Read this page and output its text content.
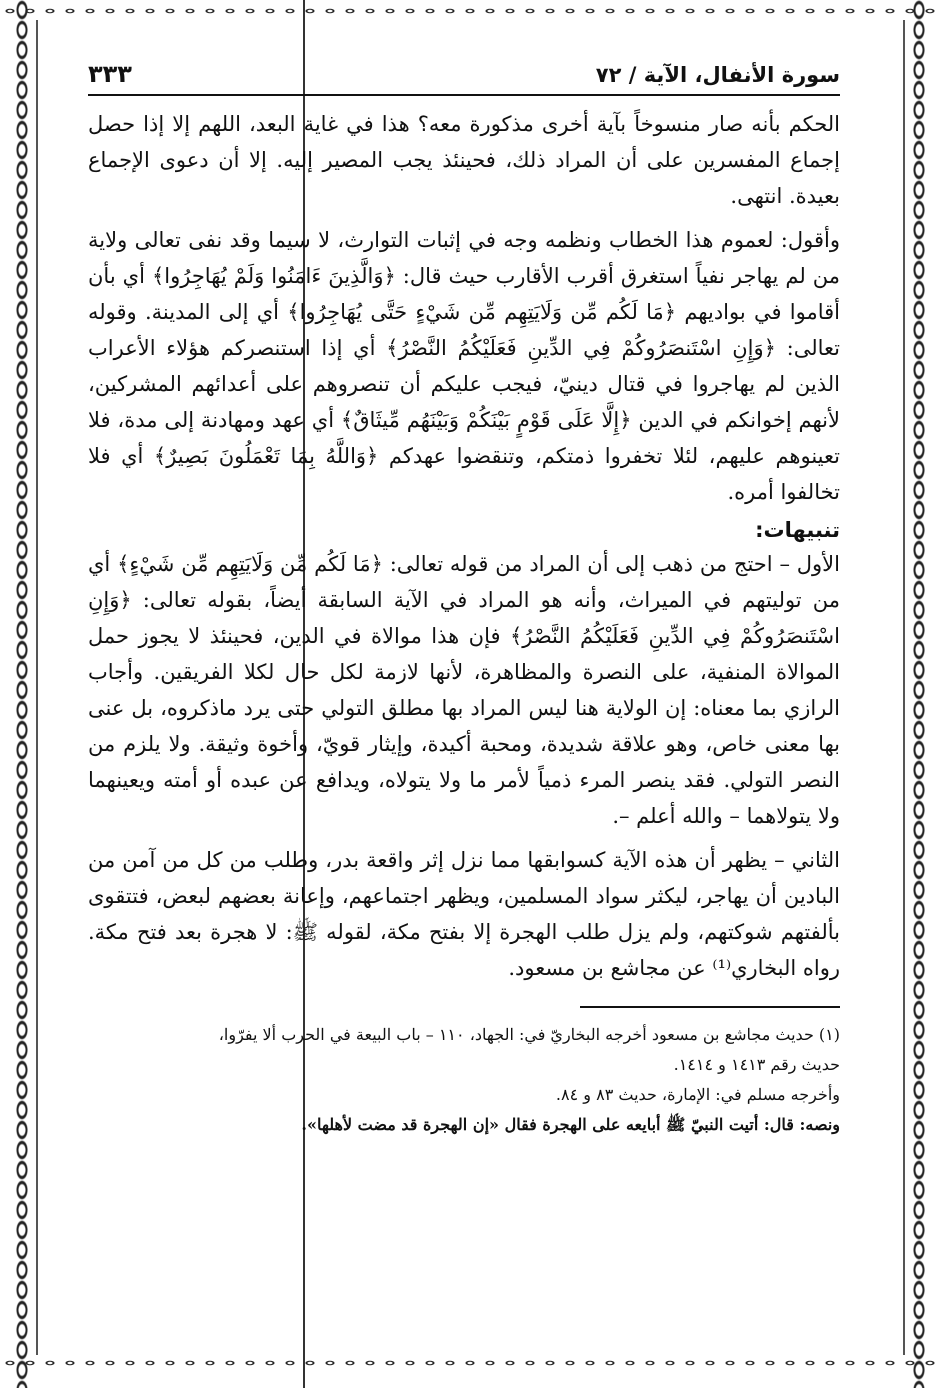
سورة الأنفال، الآية / ٧٢
٣٣٣

الحكم بأنه صار منسوخاً بآية أخرى مذكورة معه؟ هذا في غاية البعد، اللهم إلا إذا حصل إجماع المفسرين على أن المراد ذلك، فحينئذ يجب المصير إليه. إلا أن دعوى الإجماع بعيدة. انتهى.

وأقول: لعموم هذا الخطاب ونظمه وجه في إثبات التوارث، لا سيما وقد نفى تعالى ولاية من لم يهاجر نفياً استغرق أقرب الأقارب حيث قال: ﴿وَالَّذِينَ ءَامَنُوا وَلَمْ يُهَاجِرُوا﴾ أي بأن أقاموا في بواديهم ﴿مَا لَكُم مِّن وَلَايَتِهِم مِّن شَيْءٍ حَتَّى يُهَاجِرُوا﴾ أي إلى المدينة. وقوله تعالى: ﴿وَإِنِ اسْتَنصَرُوكُمْ فِي الدِّينِ فَعَلَيْكُمُ النَّصْرُ﴾ أي إذا استنصركم هؤلاء الأعراب الذين لم يهاجروا في قتال دينيّ، فيجب عليكم أن تنصروهم على أعدائهم المشركين، لأنهم إخوانكم في الدين ﴿إِلَّا عَلَى قَوْمٍ بَيْنَكُمْ وَبَيْنَهُم مِّيثَاقٌ﴾ أي عهد ومهادنة إلى مدة، فلا تعينوهم عليهم، لئلا تخفروا ذمتكم، وتنقضوا عهدكم ﴿وَاللَّهُ بِمَا تَعْمَلُونَ بَصِيرٌ﴾ أي فلا تخالفوا أمره.

تنبيهات:

الأول – احتج من ذهب إلى أن المراد من قوله تعالى: ﴿مَا لَكُم مِّن وَلَايَتِهِم مِّن شَيْءٍ﴾ أي من توليتهم في الميراث، وأنه هو المراد في الآية السابقة أيضاً، بقوله تعالى: ﴿وَإِنِ اسْتَنصَرُوكُمْ فِي الدِّينِ فَعَلَيْكُمُ النَّصْرُ﴾ فإن هذا موالاة في الدين، فحينئذ لا يجوز حمل الموالاة المنفية، على النصرة والمظاهرة، لأنها لازمة لكل حال لكلا الفريقين. وأجاب الرازي بما معناه: إن الولاية هنا ليس المراد بها مطلق التولي حتى يرد ماذكروه، بل عنى بها معنى خاص، وهو علاقة شديدة، ومحبة أكيدة، وإيثار قويّ، وأخوة وثيقة. ولا يلزم من النصر التولي. فقد ينصر المرء ذمياً لأمر ما ولا يتولاه، ويدافع عن عبده أو أمته ويعينهما ولا يتولاهما – والله أعلم –.

الثاني – يظهر أن هذه الآية كسوابقها مما نزل إثر واقعة بدر، وطلب من كل من آمن من البادين أن يهاجر، ليكثر سواد المسلمين، ويظهر اجتماعهم، وإعانة بعضهم لبعض، فتتقوى بألفتهم شوكتهم، ولم يزل طلب الهجرة إلا بفتح مكة، لقوله ﷺ: لا هجرة بعد فتح مكة. رواه البخاري⁽¹⁾ عن مجاشع بن مسعود.

(١) حديث مجاشع بن مسعود أخرجه البخاريّ في: الجهاد، ١١٠ – باب البيعة في الحرب ألا يفرّوا،

حديث رقم ١٤١٣ و ١٤١٤.

وأخرجه مسلم في: الإمارة، حديث ٨٣ و ٨٤.

ونصه: قال: أتيت النبيّ ﷺ أبايعه على الهجرة فقال «إن الهجرة قد مضت لأهلها».
